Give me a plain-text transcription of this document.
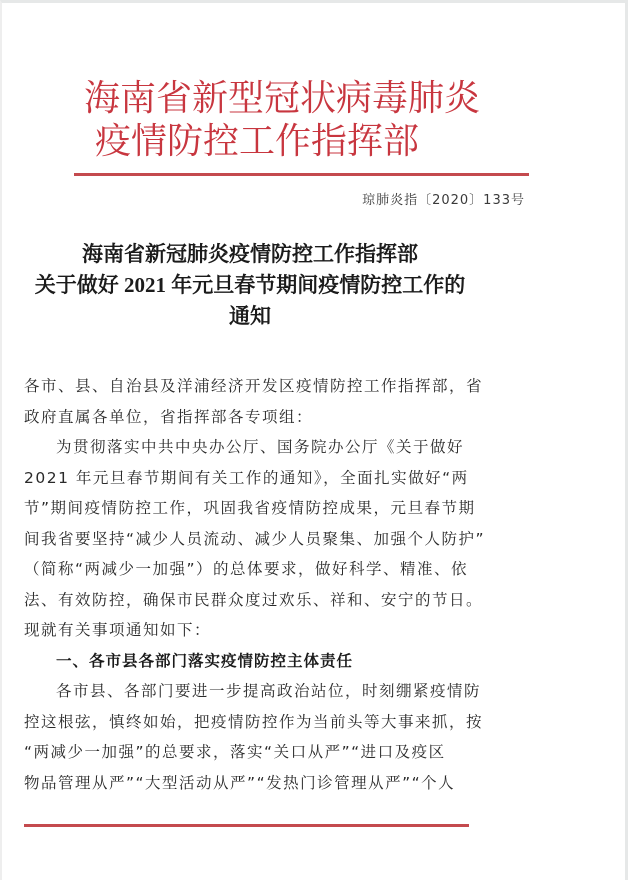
海南省新型冠状病毒肺炎
疫情防控工作指挥部
琼肺炎指〔2020〕133号
海南省新冠肺炎疫情防控工作指挥部
关于做好 2021 年元旦春节期间疫情防控工作的
通知
各市、县、自治县及洋浦经济开发区疫情防控工作指挥部，省
政府直属各单位，省指挥部各专项组：
为贯彻落实中共中央办公厅、国务院办公厅《关于做好
2021 年元旦春节期间有关工作的通知》，全面扎实做好“两
节”期间疫情防控工作，巩固我省疫情防控成果，元旦春节期
间我省要坚持“减少人员流动、减少人员聚集、加强个人防护”
（简称“两减少一加强”）的总体要求，做好科学、精准、依
法、有效防控，确保市民群众度过欢乐、祥和、安宁的节日。
现就有关事项通知如下：
一、各市县各部门落实疫情防控主体责任
各市县、各部门要进一步提高政治站位，时刻绷紧疫情防
控这根弦，慎终如始，把疫情防控作为当前头等大事来抓，按
“两减少一加强”的总要求，落实“关口从严”“进口及疫区
物品管理从严”“大型活动从严”“发热门诊管理从严”“个人
